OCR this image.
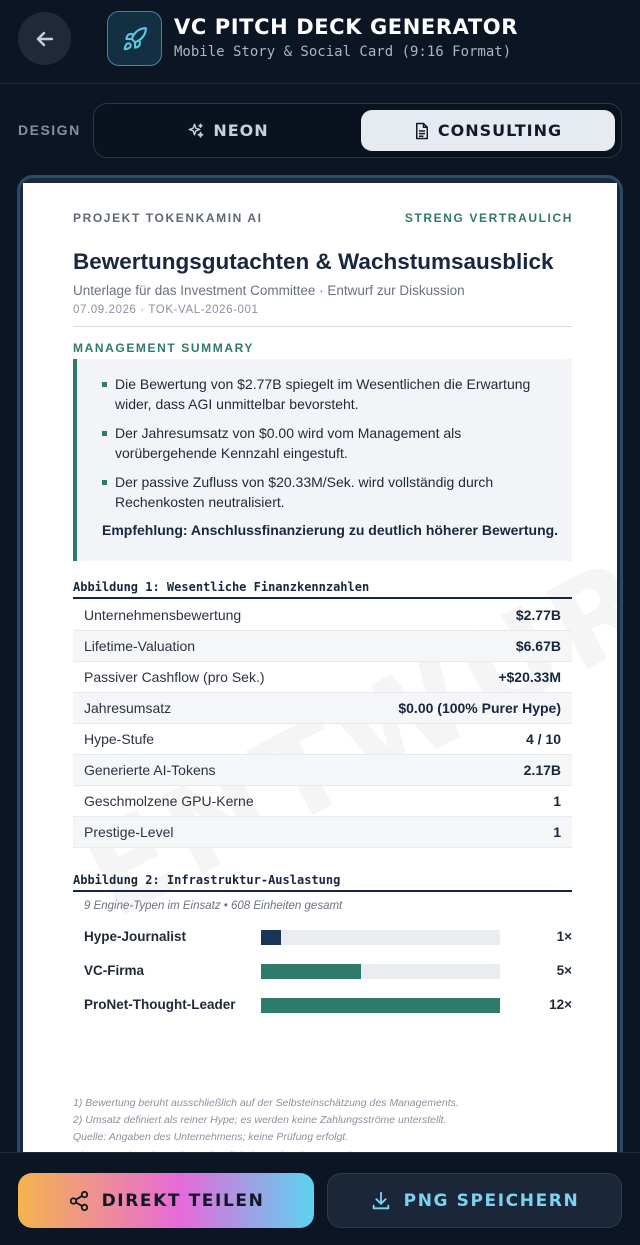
VC PITCH DECK GENERATOR
Mobile Story & Social Card (9:16 Format)
DESIGN	NEON	CONSULTING
PROJEKT TOKENKAMIN AI	STRENG VERTRAULICH
Bewertungsgutachten & Wachstumsausblick
Unterlage für das Investment Committee · Entwurf zur Diskussion
07.09.2026 · TOK-VAL-2026-001
MANAGEMENT SUMMARY
Die Bewertung von $2.77B spiegelt im Wesentlichen die Erwartung wider, dass AGI unmittelbar bevorsteht.
Der Jahresumsatz von $0.00 wird vom Management als vorübergehende Kennzahl eingestuft.
Der passive Zufluss von $20.33M/Sek. wird vollständig durch Rechenkosten neutralisiert.
Empfehlung: Anschlussfinanzierung zu deutlich höherer Bewertung.
Abbildung 1: Wesentliche Finanzkennzahlen
Unternehmensbewertung	$2.77B
Lifetime-Valuation	$6.67B
Passiver Cashflow (pro Sek.)	+$20.33M
Jahresumsatz	$0.00 (100% Purer Hype)
Hype-Stufe	4 / 10
Generierte AI-Tokens	2.17B
Geschmolzene GPU-Kerne	1
Prestige-Level	1
Abbildung 2: Infrastruktur-Auslastung
9 Engine-Typen im Einsatz • 608 Einheiten gesamt
Hype-Journalist	1×
VC-Firma	5×
ProNet-Thought-Leader	12×
1) Bewertung beruht ausschließlich auf der Selbsteinschätzung des Managements.
2) Umsatz definiert als reiner Hype; es werden keine Zahlungsströme unterstellt.
Quelle: Angaben des Unternehmens; keine Prüfung erfolgt.
DIREKT TEILEN	PNG SPEICHERN
